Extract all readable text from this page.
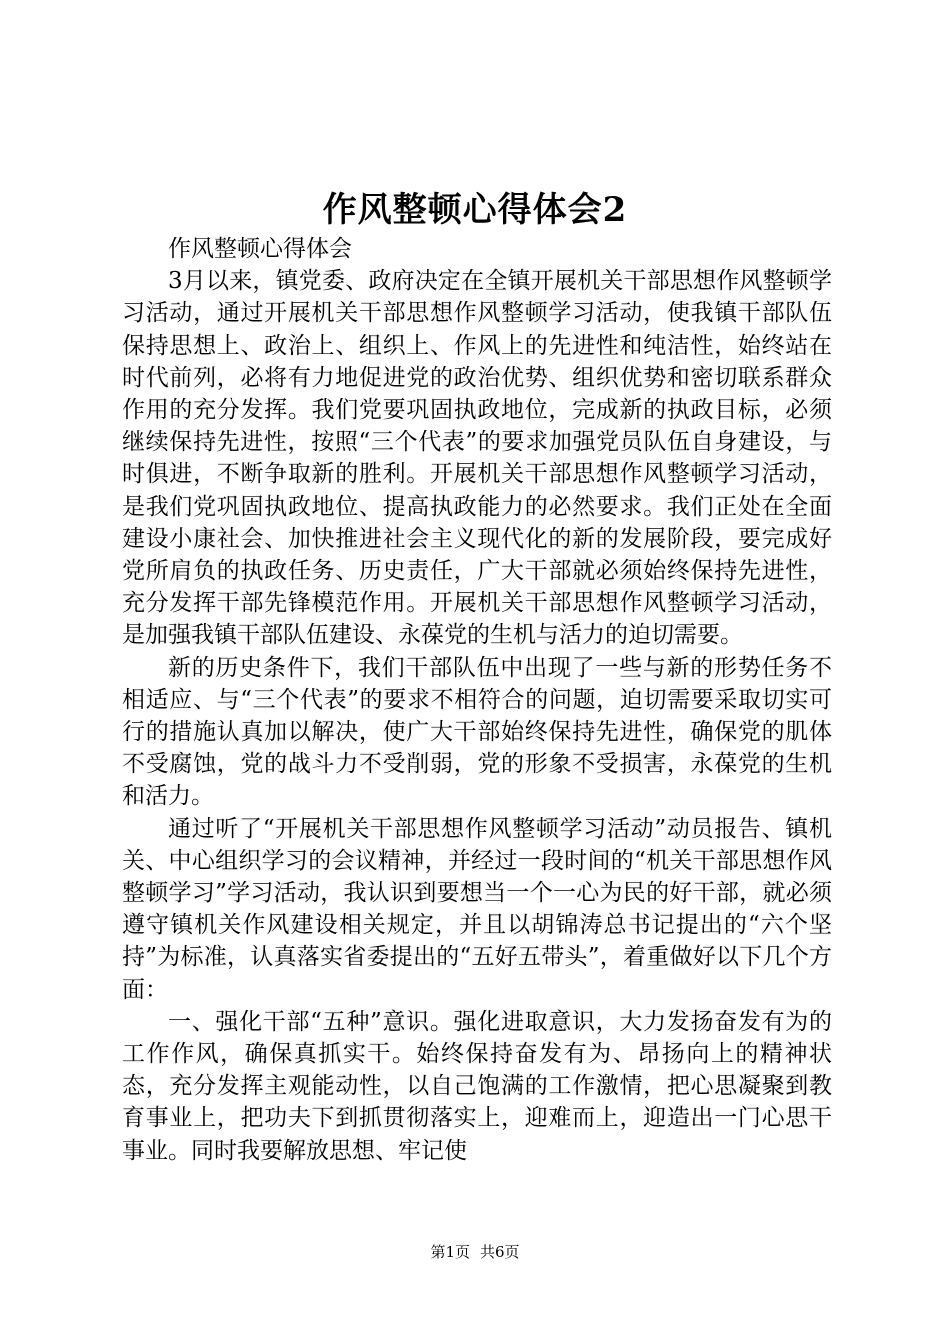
作风整顿心得体会2

作风整顿心得体会

3月以来，镇党委、政府决定在全镇开展机关干部思想作风整顿学习活动，通过开展机关干部思想作风整顿学习活动，使我镇干部队伍保持思想上、政治上、组织上、作风上的先进性和纯洁性，始终站在时代前列，必将有力地促进党的政治优势、组织优势和密切联系群众作用的充分发挥。我们党要巩固执政地位，完成新的执政目标，必须继续保持先进性，按照“三个代表”的要求加强党员队伍自身建设，与时俱进，不断争取新的胜利。开展机关干部思想作风整顿学习活动，是我们党巩固执政地位、提高执政能力的必然要求。我们正处在全面建设小康社会、加快推进社会主义现代化的新的发展阶段，要完成好党所肩负的执政任务、历史责任，广大干部就必须始终保持先进性，充分发挥干部先锋模范作用。开展机关干部思想作风整顿学习活动，是加强我镇干部队伍建设、永葆党的生机与活力的迫切需要。

新的历史条件下，我们干部队伍中出现了一些与新的形势任务不相适应、与“三个代表”的要求不相符合的问题，迫切需要采取切实可行的措施认真加以解决，使广大干部始终保持先进性，确保党的肌体不受腐蚀，党的战斗力不受削弱，党的形象不受损害，永葆党的生机和活力。

通过听了“开展机关干部思想作风整顿学习活动”动员报告、镇机关、中心组织学习的会议精神，并经过一段时间的“机关干部思想作风整顿学习”学习活动，我认识到要想当一个一心为民的好干部，就必须遵守镇机关作风建设相关规定，并且以胡锦涛总书记提出的“六个坚持”为标准，认真落实省委提出的“五好五带头”，着重做好以下几个方面：

一、强化干部“五种”意识。强化进取意识，大力发扬奋发有为的工作作风，确保真抓实干。始终保持奋发有为、昂扬向上的精神状态，充分发挥主观能动性，以自己饱满的工作激情，把心思凝聚到教育事业上，把功夫下到抓贯彻落实上，迎难而上，迎造出一门心思干事业。同时我要解放思想、牢记使

第1页 共6页
